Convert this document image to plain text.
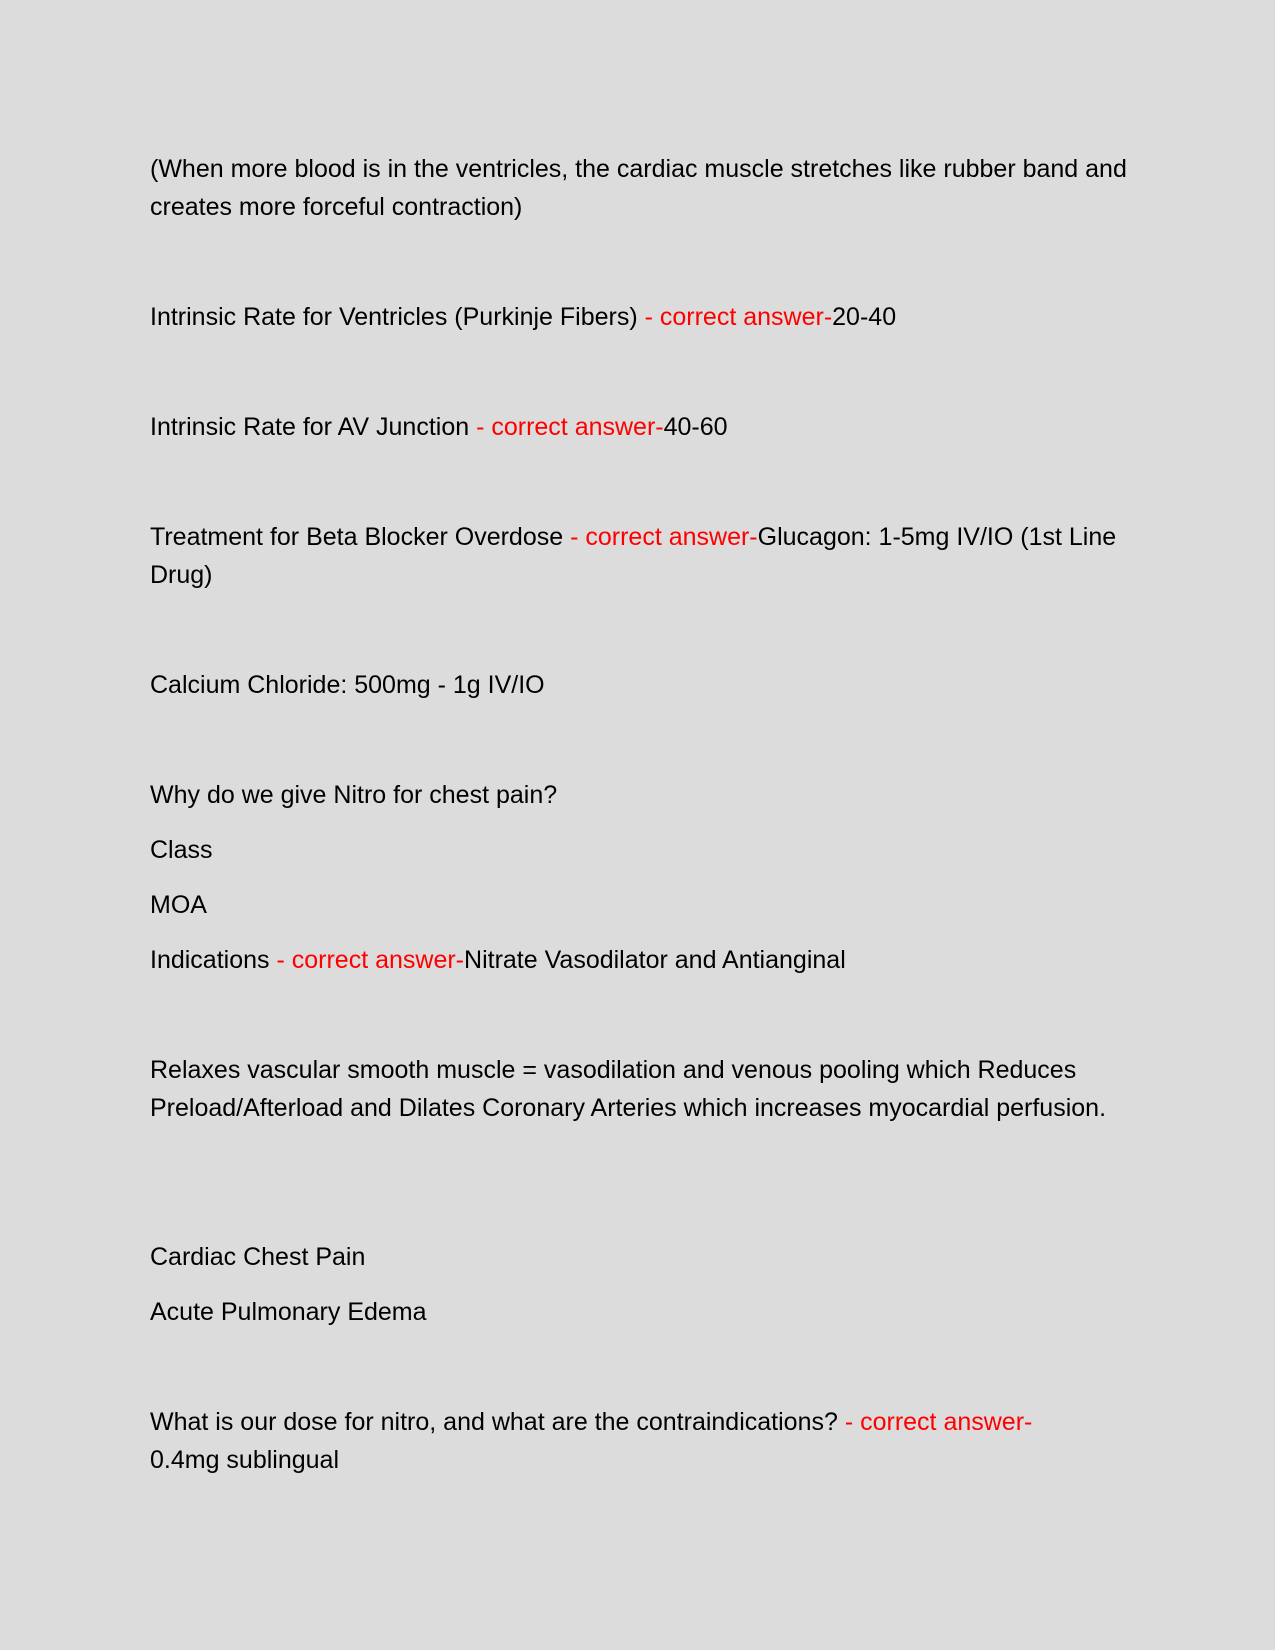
(When more blood is in the ventricles, the cardiac muscle stretches like rubber band and creates more forceful contraction)
Intrinsic Rate for Ventricles (Purkinje Fibers) - correct answer-20-40
Intrinsic Rate for AV Junction - correct answer-40-60
Treatment for Beta Blocker Overdose - correct answer-Glucagon: 1-5mg IV/IO (1st Line Drug)
Calcium Chloride: 500mg - 1g IV/IO
Why do we give Nitro for chest pain?
Class
MOA
Indications - correct answer-Nitrate Vasodilator and Antianginal
Relaxes vascular smooth muscle = vasodilation and venous pooling which Reduces Preload/Afterload and Dilates Coronary Arteries which increases myocardial perfusion.
Cardiac Chest Pain
Acute Pulmonary Edema
What is our dose for nitro, and what are the contraindications? - correct answer-
0.4mg sublingual
